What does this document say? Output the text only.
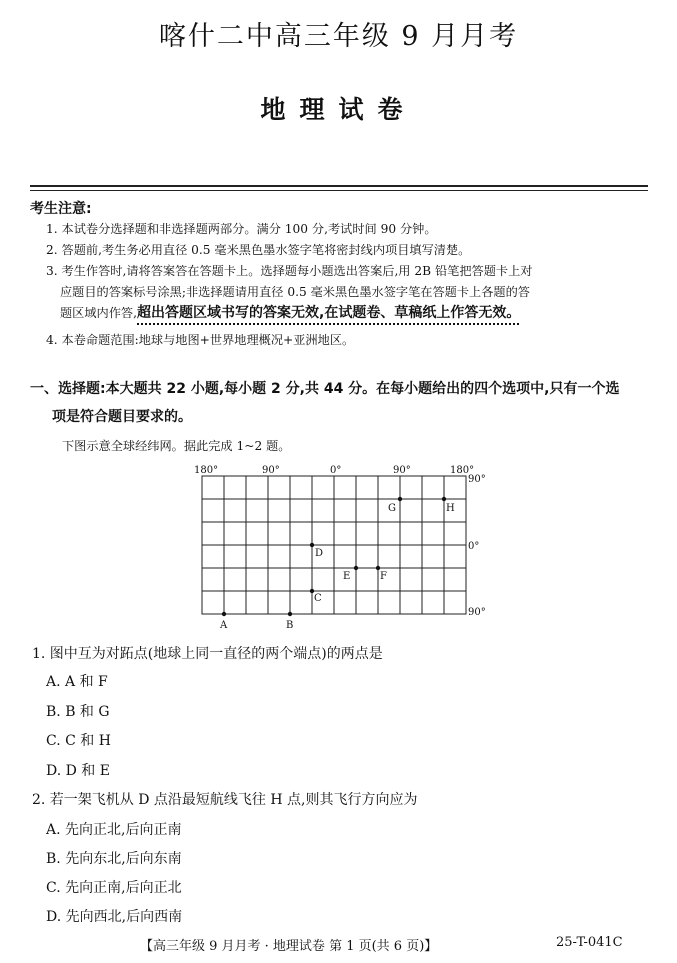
喀什二中高三年级 9 月月考
地理试卷
考生注意:
1. 本试卷分选择题和非选择题两部分。满分 100 分,考试时间 90 分钟。
2. 答题前,考生务必用直径 0.5 毫米黑色墨水签字笔将密封线内项目填写清楚。
3. 考生作答时,请将答案答在答题卡上。选择题每小题选出答案后,用 2B 铅笔把答题卡上对
应题目的答案标号涂黑;非选择题请用直径 0.5 毫米黑色墨水签字笔在答题卡上各题的答
题区域内作答,超出答题区域书写的答案无效,在试题卷、草稿纸上作答无效。
4. 本卷命题范围:地球与地图+世界地理概况+亚洲地区。
一、选择题:本大题共 22 小题,每小题 2 分,共 44 分。在每小题给出的四个选项中,只有一个选
项是符合题目要求的。
下图示意全球经纬网。据此完成 1~2 题。
180°	90°	0°	90°	180°
90°
0°
90°
A	B
C
D
E	F
G	H
1. 图中互为对跖点(地球上同一直径的两个端点)的两点是
A. A 和 F
B. B 和 G
C. C 和 H
D. D 和 E
2. 若一架飞机从 D 点沿最短航线飞往 H 点,则其飞行方向应为
A. 先向正北,后向正南
B. 先向东北,后向东南
C. 先向正南,后向正北
D. 先向西北,后向西南
【高三年级 9 月月考 · 地理试卷 第 1 页(共 6 页)】	25-T-041C
